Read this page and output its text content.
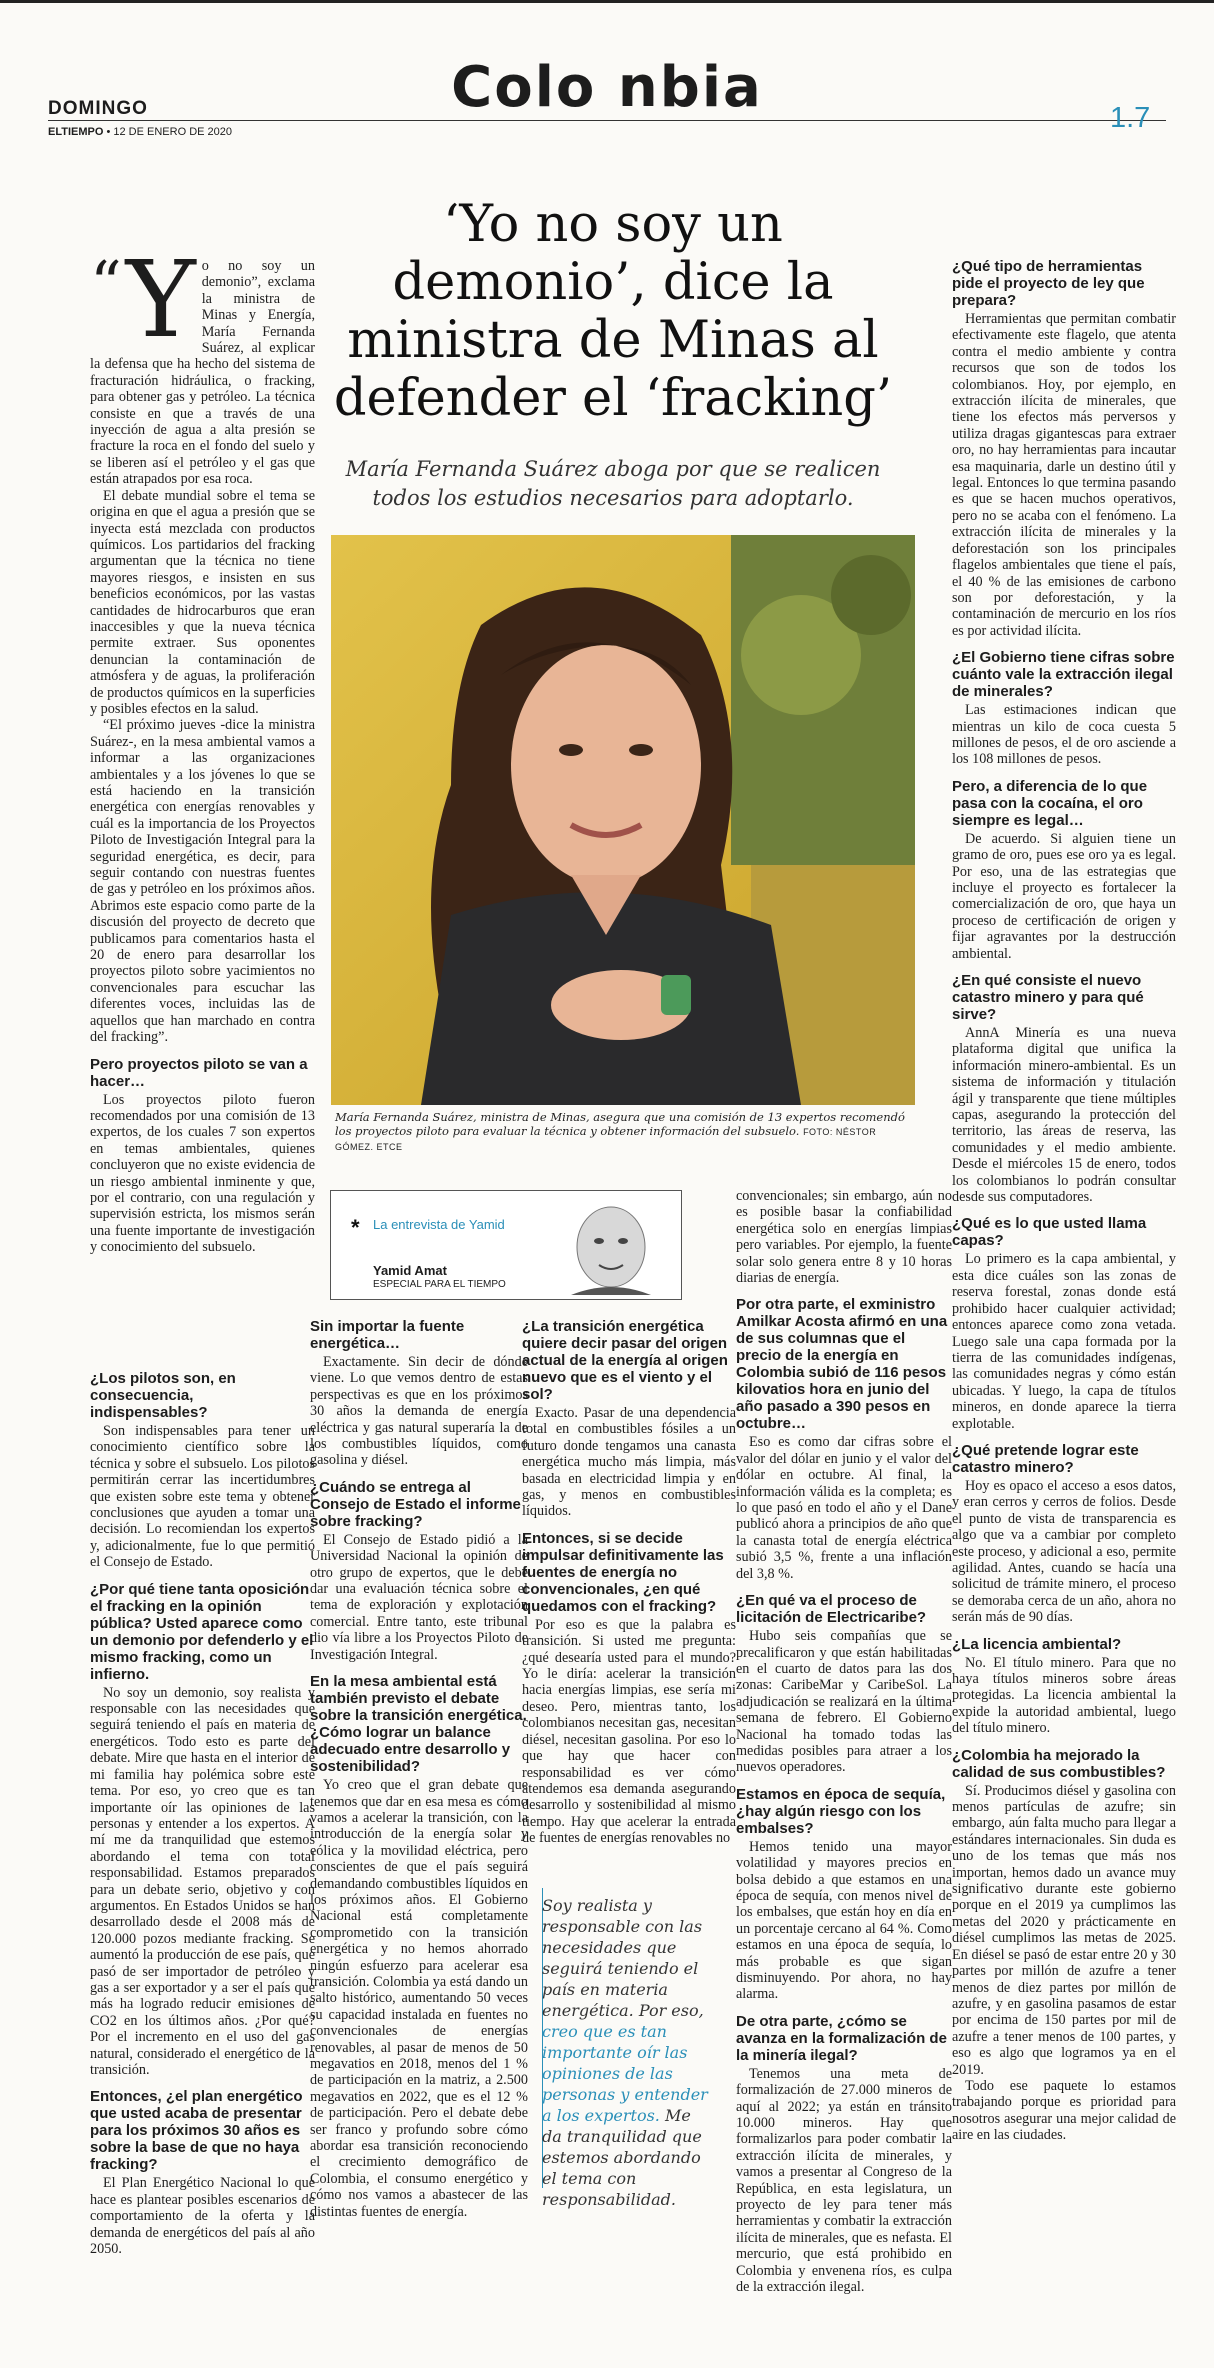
Colo nbia
DOMINGO
ELTIEMPO • 12 DE ENERO DE 2020	1.7
‘Yo no soy un demonio’, dice la ministra de Minas al defender el ‘fracking’
María Fernanda Suárez aboga por que se realicen todos los estudios necesarios para adoptarlo.
“ Y o no soy un demonio”, exclama la ministra de Minas y Energía, María Fernanda Suárez, al explicar la defensa que ha hecho del sistema de fracturación hidráulica, o fracking, para obtener gas y petróleo. La técnica consiste en que a través de una inyección de agua a alta presión se fracture la roca en el fondo del suelo y se liberen así el petróleo y el gas que están atrapados por esa roca.

El debate mundial sobre el tema se origina en que el agua a presión que se inyecta está mezclada con productos químicos. Los partidarios del fracking argumentan que la técnica no tiene mayores riesgos, e insisten en sus beneficios económicos, por las vastas cantidades de hidrocarburos que eran inaccesibles y que la nueva técnica permite extraer. Sus oponentes denuncian la contaminación de atmósfera y de aguas, la proliferación de productos químicos en la superficies y posibles efectos en la salud.

“El próximo jueves -dice la ministra Suárez-, en la mesa ambiental vamos a informar a las organizaciones ambientales y a los jóvenes lo que se está haciendo en la transición energética con energías renovables y cuál es la importancia de los Proyectos Piloto de Investigación Integral para la seguridad energética, es decir, para seguir contando con nuestras fuentes de gas y petróleo en los próximos años. Abrimos este espacio como parte de la discusión del proyecto de decreto que publicamos para comentarios hasta el 20 de enero para desarrollar los proyectos piloto sobre yacimientos no convencionales para escuchar las diferentes voces, incluidas las de aquellos que han marchado en contra del fracking”.

Pero proyectos piloto se van a hacer…

Los proyectos piloto fueron recomendados por una comisión de 13 expertos, de los cuales 7 son expertos en temas ambientales, quienes concluyeron que no existe evidencia de un riesgo ambiental inminente y que, por el contrario, con una regulación y supervisión estricta, los mismos serán una fuente importante de investigación y conocimiento del subsuelo.

¿Los pilotos son, en consecuencia, indispensables?

Son indispensables para tener un conocimiento científico sobre la técnica y sobre el subsuelo. Los pilotos permitirán cerrar las incertidumbres que existen sobre este tema y obtener conclusiones que ayuden a tomar una decisión. Lo recomiendan los expertos y, adicionalmente, fue lo que permitió el Consejo de Estado.

¿Por qué tiene tanta oposición el fracking en la opinión pública? Usted aparece como un demonio por defenderlo y el mismo fracking, como un infierno.

No soy un demonio, soy realista y responsable con las necesidades que seguirá teniendo el país en materia de energéticos. Todo esto es parte del debate. Mire que hasta en el interior de mi familia hay polémica sobre este tema. Por eso, yo creo que es tan importante oír las opiniones de las personas y entender a los expertos. A mí me da tranquilidad que estemos abordando el tema con total responsabilidad. Estamos preparados para un debate serio, objetivo y con argumentos. En Estados Unidos se han desarrollado desde el 2008 más de 120.000 pozos mediante fracking. Se aumentó la producción de ese país, que pasó de ser importador de petróleo y gas a ser exportador y a ser el país que más ha logrado reducir emisiones de CO2 en los últimos años. ¿Por qué? Por el incremento en el uso del gas natural, considerado el energético de la transición.

Entonces, ¿el plan energético que usted acaba de presentar para los próximos 30 años es sobre la base de que no haya fracking?

El Plan Energético Nacional lo que hace es plantear posibles escenarios de comportamiento de la oferta y la demanda de energéticos del país al año 2050.

María Fernanda Suárez, ministra de Minas, asegura que una comisión de 13 expertos recomendó los proyectos piloto para evaluar la técnica y obtener información del subsuelo. FOTO: NÉSTOR GÓMEZ. ETCE
* La entrevista de Yamid
Yamid Amat
ESPECIAL PARA EL TIEMPO
Sin importar la fuente energética…

Exactamente. Sin decir de dónde viene. Lo que vemos dentro de estas perspectivas es que en los próximos 30 años la demanda de energía eléctrica y gas natural superaría la de los combustibles líquidos, como gasolina y diésel.

¿Cuándo se entrega al Consejo de Estado el informe sobre fracking?

El Consejo de Estado pidió a la Universidad Nacional la opinión de otro grupo de expertos, que le debe dar una evaluación técnica sobre el tema de exploración y explotación comercial. Entre tanto, este tribunal dio vía libre a los Proyectos Piloto de Investigación Integral.

En la mesa ambiental está también previsto el debate sobre la transición energética. ¿Cómo lograr un balance adecuado entre desarrollo y sostenibilidad?

Yo creo que el gran debate que tenemos que dar en esa mesa es cómo vamos a acelerar la transición, con la introducción de la energía solar y eólica y la movilidad eléctrica, pero conscientes de que el país seguirá demandando combustibles líquidos en los próximos años. El Gobierno Nacional está completamente comprometido con la transición energética y no hemos ahorrado ningún esfuerzo para acelerar esa transición. Colombia ya está dando un salto histórico, aumentando 50 veces su capacidad instalada en fuentes no convencionales de energías renovables, al pasar de menos de 50 megavatios en 2018, menos del 1 % de participación en la matriz, a 2.500 megavatios en 2022, que es el 12 % de participación. Pero el debate debe ser franco y profundo sobre cómo abordar esa transición reconociendo el crecimiento demográfico de Colombia, el consumo energético y cómo nos vamos a abastecer de las distintas fuentes de energía.

¿La transición energética quiere decir pasar del origen actual de la energía al origen nuevo que es el viento y el sol?

Exacto. Pasar de una dependencia total en combustibles fósiles a un futuro donde tengamos una canasta energética mucho más limpia, más basada en electricidad limpia y en gas, y menos en combustibles líquidos.

Entonces, si se decide impulsar definitivamente las fuentes de energía no convencionales, ¿en qué quedamos con el fracking?

Por eso es que la palabra es transición. Si usted me pregunta: ¿qué desearía usted para el mundo? Yo le diría: acelerar la transición hacia energías limpias, ese sería mi deseo. Pero, mientras tanto, los colombianos necesitan gas, necesitan diésel, necesitan gasolina. Por eso lo que hay que hacer con responsabilidad es ver cómo atendemos esa demanda asegurando desarrollo y sostenibilidad al mismo tiempo. Hay que acelerar la entrada de fuentes de energías renovables no

Soy realista y responsable con las necesidades que seguirá teniendo el país en materia energética. Por eso, creo que es tan importante oír las opiniones de las personas y entender a los expertos. Me da tranquilidad que estemos abordando el tema con responsabilidad.

convencionales; sin embargo, aún no es posible basar la confiabilidad energética solo en energías limpias pero variables. Por ejemplo, la fuente solar solo genera entre 8 y 10 horas diarias de energía.

Por otra parte, el exministro Amilkar Acosta afirmó en una de sus columnas que el precio de la energía en Colombia subió de 116 pesos kilovatios hora en junio del año pasado a 390 pesos en octubre…

Eso es como dar cifras sobre el valor del dólar en junio y el valor del dólar en octubre. Al final, la información válida es la completa; es lo que pasó en todo el año y el Dane publicó ahora a principios de año que la canasta total de energía eléctrica subió 3,5 %, frente a una inflación del 3,8 %.

¿En qué va el proceso de licitación de Electricaribe?

Hubo seis compañías que se precalificaron y que están habilitadas en el cuarto de datos para las dos zonas: CaribeMar y CaribeSol. La adjudicación se realizará en la última semana de febrero. El Gobierno Nacional ha tomado todas las medidas posibles para atraer a los nuevos operadores.

Estamos en época de sequía, ¿hay algún riesgo con los embalses?

Hemos tenido una mayor volatilidad y mayores precios en bolsa debido a que estamos en una época de sequía, con menos nivel de los embalses, que están hoy en día en un porcentaje cercano al 64 %. Como estamos en una época de sequía, lo más probable es que sigan disminuyendo. Por ahora, no hay alarma.

De otra parte, ¿cómo se avanza en la formalización de la minería ilegal?

Tenemos una meta de formalización de 27.000 mineros de aquí al 2022; ya están en tránsito 10.000 mineros. Hay que formalizarlos para poder combatir la extracción ilícita de minerales, y vamos a presentar al Congreso de la República, en esta legislatura, un proyecto de ley para tener más herramientas y combatir la extracción ilícita de minerales, que es nefasta. El mercurio, que está prohibido en Colombia y envenena ríos, es culpa de la extracción ilegal.

¿Qué tipo de herramientas pide el proyecto de ley que prepara?

Herramientas que permitan combatir efectivamente este flagelo, que atenta contra el medio ambiente y contra recursos que son de todos los colombianos. Hoy, por ejemplo, en extracción ilícita de minerales, que tiene los efectos más perversos y utiliza dragas gigantescas para extraer oro, no hay herramientas para incautar esa maquinaria, darle un destino útil y legal. Entonces lo que termina pasando es que se hacen muchos operativos, pero no se acaba con el fenómeno. La extracción ilícita de minerales y la deforestación son los principales flagelos ambientales que tiene el país, el 40 % de las emisiones de carbono son por deforestación, y la contaminación de mercurio en los ríos es por actividad ilícita.

¿El Gobierno tiene cifras sobre cuánto vale la extracción ilegal de minerales?

Las estimaciones indican que mientras un kilo de coca cuesta 5 millones de pesos, el de oro asciende a los 108 millones de pesos.

Pero, a diferencia de lo que pasa con la cocaína, el oro siempre es legal…

De acuerdo. Si alguien tiene un gramo de oro, pues ese oro ya es legal. Por eso, una de las estrategias que incluye el proyecto es fortalecer la comercialización de oro, que haya un proceso de certificación de origen y fijar agravantes por la destrucción ambiental.

¿En qué consiste el nuevo catastro minero y para qué sirve?

AnnA Minería es una nueva plataforma digital que unifica la información minero-ambiental. Es un sistema de información y titulación ágil y transparente que tiene múltiples capas, asegurando la protección del territorio, las áreas de reserva, las comunidades y el medio ambiente. Desde el miércoles 15 de enero, todos los colombianos lo podrán consultar desde sus computadores.

¿Qué es lo que usted llama capas?

Lo primero es la capa ambiental, y esta dice cuáles son las zonas de reserva forestal, zonas donde está prohibido hacer cualquier actividad; entonces aparece como zona vetada. Luego sale una capa formada por la tierra de las comunidades indígenas, las comunidades negras y cómo están ubicadas. Y luego, la capa de títulos mineros, en donde aparece la tierra explotable.

¿Qué pretende lograr este catastro minero?

Hoy es opaco el acceso a esos datos, y eran cerros y cerros de folios. Desde el punto de vista de transparencia es algo que va a cambiar por completo este proceso, y adicional a eso, permite agilidad. Antes, cuando se hacía una solicitud de trámite minero, el proceso se demoraba cerca de un año, ahora no serán más de 90 días.

¿La licencia ambiental?

No. El título minero. Para que no haya títulos mineros sobre áreas protegidas. La licencia ambiental la expide la autoridad ambiental, luego del título minero.

¿Colombia ha mejorado la calidad de sus combustibles?

Sí. Producimos diésel y gasolina con menos partículas de azufre; sin embargo, aún falta mucho para llegar a estándares internacionales. Sin duda es uno de los temas que más nos importan, hemos dado un avance muy significativo durante este gobierno porque en el 2019 ya cumplimos las metas del 2020 y prácticamente en diésel cumplimos las metas de 2025. En diésel se pasó de estar entre 20 y 30 partes por millón de azufre a tener menos de diez partes por millón de azufre, y en gasolina pasamos de estar por encima de 150 partes por mil de azufre a tener menos de 100 partes, y eso es algo que logramos ya en el 2019.

Todo ese paquete lo estamos trabajando porque es prioridad para nosotros asegurar una mejor calidad de aire en las ciudades.
